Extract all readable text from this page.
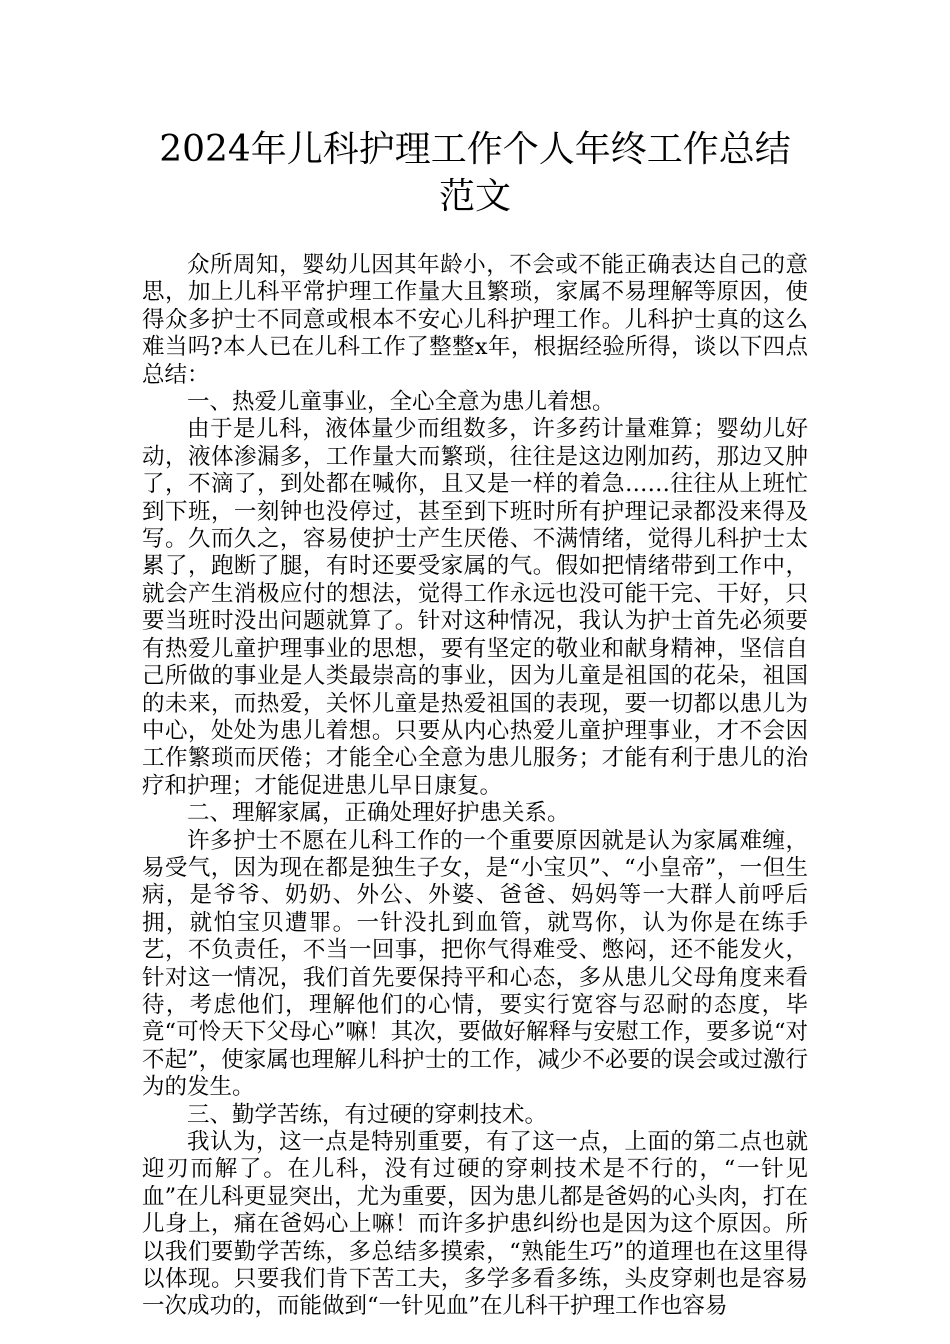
2024年儿科护理工作个人年终工作总结范文

众所周知，婴幼儿因其年龄小，不会或不能正确表达自己的意思，加上儿科平常护理工作量大且繁琐，家属不易理解等原因，使得众多护士不同意或根本不安心儿科护理工作。儿科护士真的这么难当吗?本人已在儿科工作了整整x年，根据经验所得，谈以下四点总结：

一、热爱儿童事业，全心全意为患儿着想。

由于是儿科，液体量少而组数多，许多药计量难算；婴幼儿好动，液体渗漏多，工作量大而繁琐，往往是这边刚加药，那边又肿了，不滴了，到处都在喊你，且又是一样的着急……往往从上班忙到下班，一刻钟也没停过，甚至到下班时所有护理记录都没来得及写。久而久之，容易使护士产生厌倦、不满情绪，觉得儿科护士太累了，跑断了腿，有时还要受家属的气。假如把情绪带到工作中，就会产生消极应付的想法，觉得工作永远也没可能干完、干好，只要当班时没出问题就算了。针对这种情况，我认为护士首先必须要有热爱儿童护理事业的思想，要有坚定的敬业和献身精神，坚信自己所做的事业是人类最崇高的事业，因为儿童是祖国的花朵，祖国的未来，而热爱，关怀儿童是热爱祖国的表现，要一切都以患儿为中心，处处为患儿着想。只要从内心热爱儿童护理事业，才不会因工作繁琐而厌倦；才能全心全意为患儿服务；才能有利于患儿的治疗和护理；才能促进患儿早日康复。

二、理解家属，正确处理好护患关系。

许多护士不愿在儿科工作的一个重要原因就是认为家属难缠，易受气，因为现在都是独生子女，是“小宝贝”、“小皇帝”，一但生病，是爷爷、奶奶、外公、外婆、爸爸、妈妈等一大群人前呼后拥，就怕宝贝遭罪。一针没扎到血管，就骂你，认为你是在练手艺，不负责任，不当一回事，把你气得难受、憋闷，还不能发火，针对这一情况，我们首先要保持平和心态，多从患儿父母角度来看待，考虑他们，理解他们的心情，要实行宽容与忍耐的态度，毕竟“可怜天下父母心”嘛！其次，要做好解释与安慰工作，要多说“对不起”，使家属也理解儿科护士的工作，减少不必要的误会或过激行为的发生。

三、勤学苦练，有过硬的穿刺技术。

我认为，这一点是特别重要，有了这一点，上面的第二点也就迎刃而解了。在儿科，没有过硬的穿刺技术是不行的，“一针见血”在儿科更显突出，尤为重要，因为患儿都是爸妈的心头肉，打在儿身上，痛在爸妈心上嘛！而许多护患纠纷也是因为这个原因。所以我们要勤学苦练，多总结多摸索，“熟能生巧”的道理也在这里得以体现。只要我们肯下苦工夫，多学多看多练，头皮穿刺也是容易一次成功的，而能做到“一针见血”在儿科干护理工作也容易
